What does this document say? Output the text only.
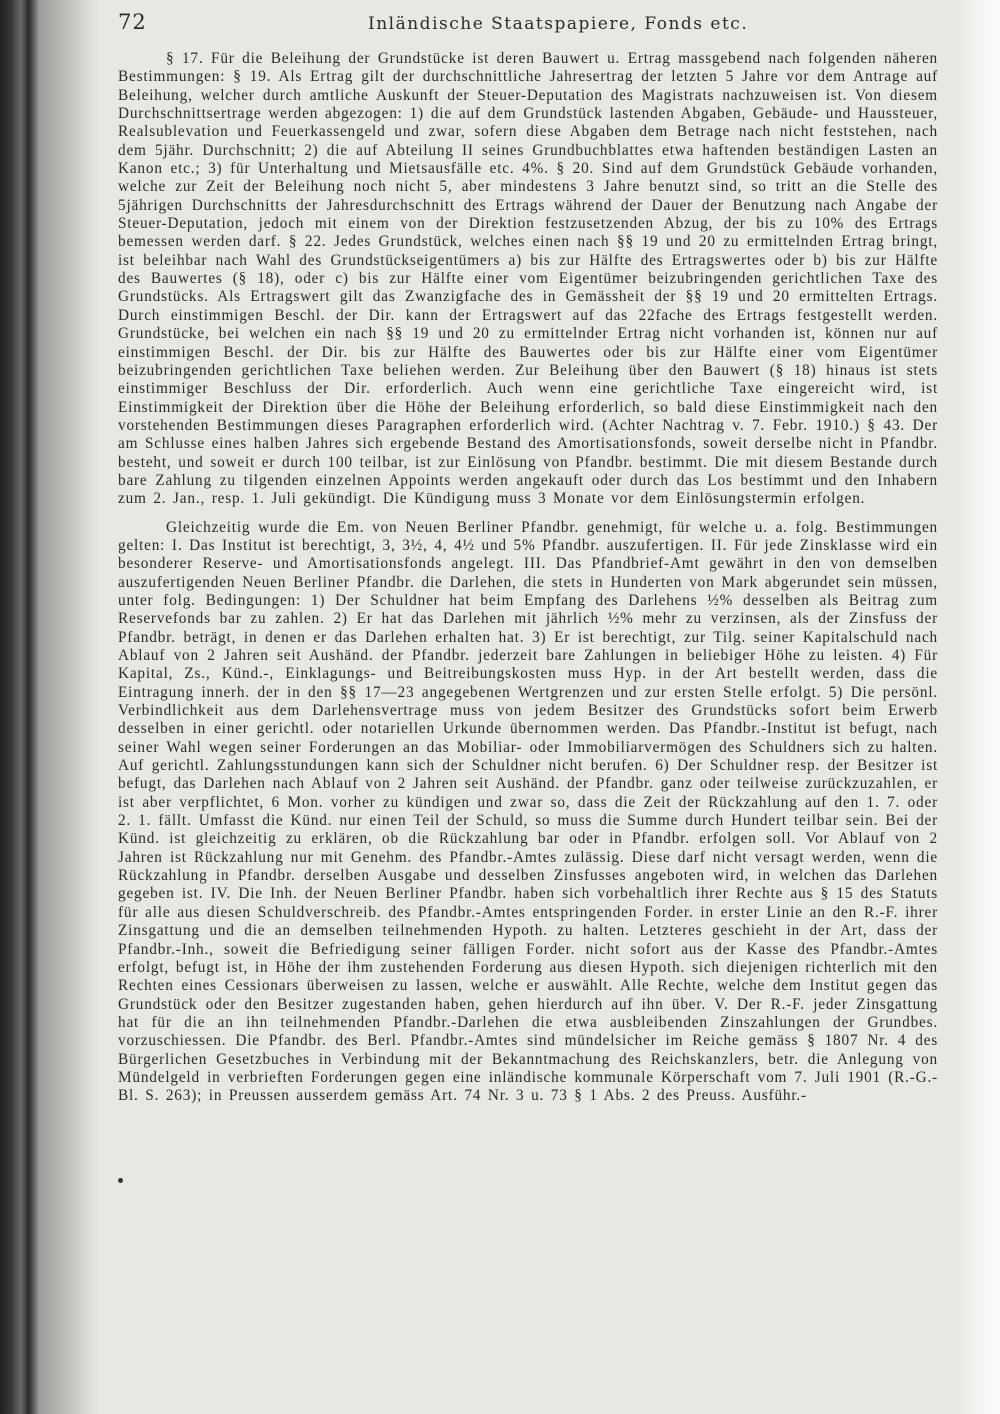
72	Inländische Staatspapiere, Fonds etc.

§ 17. Für die Beleihung der Grundstücke ist deren Bauwert u. Ertrag massgebend nach folgenden näheren Bestimmungen: § 19. Als Ertrag gilt der durchschnittliche Jahresertrag der letzten 5 Jahre vor dem Antrage auf Beleihung, welcher durch amtliche Auskunft der Steuer-Deputation des Magistrats nachzuweisen ist. Von diesem Durchschnittsertrage werden abgezogen: 1) die auf dem Grundstück lastenden Abgaben, Gebäude- und Haussteuer, Realsublevation und Feuerkassengeld und zwar, sofern diese Abgaben dem Betrage nach nicht feststehen, nach dem 5jähr. Durchschnitt; 2) die auf Abteilung II seines Grundbuchblattes etwa haftenden beständigen Lasten an Kanon etc.; 3) für Unterhaltung und Mietsausfälle etc. 4%. § 20. Sind auf dem Grundstück Gebäude vorhanden, welche zur Zeit der Beleihung noch nicht 5, aber mindestens 3 Jahre benutzt sind, so tritt an die Stelle des 5jährigen Durchschnitts der Jahresdurchschnitt des Ertrags während der Dauer der Benutzung nach Angabe der Steuer-Deputation, jedoch mit einem von der Direktion festzusetzenden Abzug, der bis zu 10% des Ertrags bemessen werden darf. § 22. Jedes Grundstück, welches einen nach §§ 19 und 20 zu ermittelnden Ertrag bringt, ist beleihbar nach Wahl des Grundstückseigentümers a) bis zur Hälfte des Ertragswertes oder b) bis zur Hälfte des Bauwertes (§ 18), oder c) bis zur Hälfte einer vom Eigentümer beizubringenden gerichtlichen Taxe des Grundstücks. Als Ertragswert gilt das Zwanzigfache des in Gemässheit der §§ 19 und 20 ermittelten Ertrags. Durch einstimmigen Beschl. der Dir. kann der Ertragswert auf das 22fache des Ertrags festgestellt werden. Grundstücke, bei welchen ein nach §§ 19 und 20 zu ermittelnder Ertrag nicht vorhanden ist, können nur auf einstimmigen Beschl. der Dir. bis zur Hälfte des Bauwertes oder bis zur Hälfte einer vom Eigentümer beizubringenden gerichtlichen Taxe beliehen werden. Zur Beleihung über den Bauwert (§ 18) hinaus ist stets einstimmiger Beschluss der Dir. erforderlich. Auch wenn eine gerichtliche Taxe eingereicht wird, ist Einstimmigkeit der Direktion über die Höhe der Beleihung erforderlich, so bald diese Einstimmigkeit nach den vorstehenden Bestimmungen dieses Paragraphen erforderlich wird. (Achter Nachtrag v. 7. Febr. 1910.) § 43. Der am Schlusse eines halben Jahres sich ergebende Bestand des Amortisationsfonds, soweit derselbe nicht in Pfandbr. besteht, und soweit er durch 100 teilbar, ist zur Einlösung von Pfandbr. bestimmt. Die mit diesem Bestande durch bare Zahlung zu tilgenden einzelnen Appoints werden angekauft oder durch das Los bestimmt und den Inhabern zum 2. Jan., resp. 1. Juli gekündigt. Die Kündigung muss 3 Monate vor dem Einlösungstermin erfolgen.

Gleichzeitig wurde die Em. von Neuen Berliner Pfandbr. genehmigt, für welche u. a. folg. Bestimmungen gelten: I. Das Institut ist berechtigt, 3, 3½, 4, 4½ und 5% Pfandbr. auszufertigen. II. Für jede Zinsklasse wird ein besonderer Reserve- und Amortisationsfonds angelegt. III. Das Pfandbrief-Amt gewährt in den von demselben auszufertigenden Neuen Berliner Pfandbr. die Darlehen, die stets in Hunderten von Mark abgerundet sein müssen, unter folg. Bedingungen: 1) Der Schuldner hat beim Empfang des Darlehens ½% desselben als Beitrag zum Reservefonds bar zu zahlen. 2) Er hat das Darlehen mit jährlich ½% mehr zu verzinsen, als der Zinsfuss der Pfandbr. beträgt, in denen er das Darlehen erhalten hat. 3) Er ist berechtigt, zur Tilg. seiner Kapitalschuld nach Ablauf von 2 Jahren seit Aushänd. der Pfandbr. jederzeit bare Zahlungen in beliebiger Höhe zu leisten. 4) Für Kapital, Zs., Künd.-, Einklagungs- und Beitreibungskosten muss Hyp. in der Art bestellt werden, dass die Eintragung innerh. der in den §§ 17—23 angegebenen Wertgrenzen und zur ersten Stelle erfolgt. 5) Die persönl. Verbindlichkeit aus dem Darlehensvertrage muss von jedem Besitzer des Grundstücks sofort beim Erwerb desselben in einer gerichtl. oder notariellen Urkunde übernommen werden. Das Pfandbr.-Institut ist befugt, nach seiner Wahl wegen seiner Forderungen an das Mobiliar- oder Immobiliarvermögen des Schuldners sich zu halten. Auf gerichtl. Zahlungsstundungen kann sich der Schuldner nicht berufen. 6) Der Schuldner resp. der Besitzer ist befugt, das Darlehen nach Ablauf von 2 Jahren seit Aushänd. der Pfandbr. ganz oder teilweise zurückzuzahlen, er ist aber verpflichtet, 6 Mon. vorher zu kündigen und zwar so, dass die Zeit der Rückzahlung auf den 1. 7. oder 2. 1. fällt. Umfasst die Künd. nur einen Teil der Schuld, so muss die Summe durch Hundert teilbar sein. Bei der Künd. ist gleichzeitig zu erklären, ob die Rückzahlung bar oder in Pfandbr. erfolgen soll. Vor Ablauf von 2 Jahren ist Rückzahlung nur mit Genehm. des Pfandbr.-Amtes zulässig. Diese darf nicht versagt werden, wenn die Rückzahlung in Pfandbr. derselben Ausgabe und desselben Zinsfusses angeboten wird, in welchen das Darlehen gegeben ist. IV. Die Inh. der Neuen Berliner Pfandbr. haben sich vorbehaltlich ihrer Rechte aus § 15 des Statuts für alle aus diesen Schuldverschreib. des Pfandbr.-Amtes entspringenden Forder. in erster Linie an den R.-F. ihrer Zinsgattung und die an demselben teilnehmenden Hypoth. zu halten. Letzteres geschieht in der Art, dass der Pfandbr.-Inh., soweit die Befriedigung seiner fälligen Forder. nicht sofort aus der Kasse des Pfandbr.-Amtes erfolgt, befugt ist, in Höhe der ihm zustehenden Forderung aus diesen Hypoth. sich diejenigen richterlich mit den Rechten eines Cessionars überweisen zu lassen, welche er auswählt. Alle Rechte, welche dem Institut gegen das Grundstück oder den Besitzer zugestanden haben, gehen hierdurch auf ihn über. V. Der R.-F. jeder Zinsgattung hat für die an ihn teilnehmenden Pfandbr.-Darlehen die etwa ausbleibenden Zinszahlungen der Grundbes. vorzuschiessen. Die Pfandbr. des Berl. Pfandbr.-Amtes sind mündelsicher im Reiche gemäss § 1807 Nr. 4 des Bürgerlichen Gesetzbuches in Verbindung mit der Bekanntmachung des Reichskanzlers, betr. die Anlegung von Mündelgeld in verbrieften Forderungen gegen eine inländische kommunale Körperschaft vom 7. Juli 1901 (R.-G.-Bl. S. 263); in Preussen ausserdem gemäss Art. 74 Nr. 3 u. 73 § 1 Abs. 2 des Preuss. Ausführ.-
